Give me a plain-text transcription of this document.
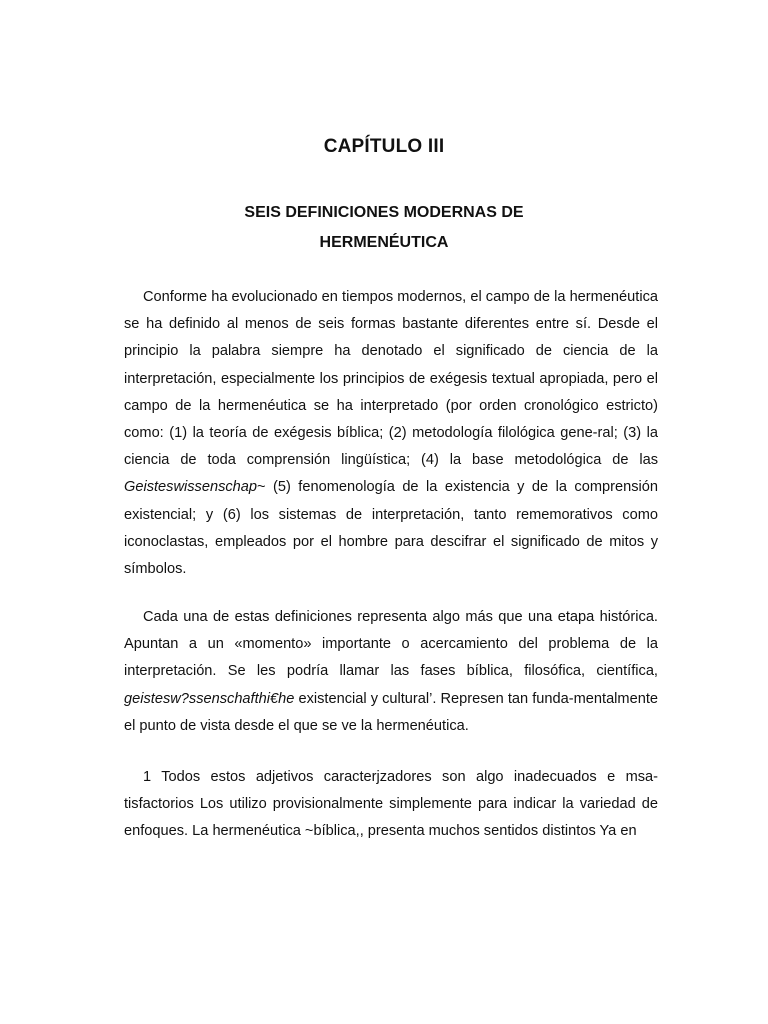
CAPÍTULO III
SEIS DEFINICIONES MODERNAS DE
HERMENÉUTICA

Conforme ha evolucionado en tiempos modernos, el campo de la hermenéutica se ha definido al menos de seis formas bastante diferentes entre sí. Desde el principio la palabra siempre ha denotado el significado de ciencia de la interpretación, especialmente los principios de exégesis textual apropiada, pero el campo de la hermenéutica se ha interpretado (por orden cronológico estricto) como: (1) la teoría de exégesis bíblica; (2) metodología filológica gene-ral; (3) la ciencia de toda comprensión lingüística; (4) la base metodológica de las Geisteswissenschap~ (5) fenomenología de la existencia y de la comprensión existencial; y (6) los sistemas de interpretación, tanto rememorativos como iconoclastas, empleados por el hombre para descifrar el significado de mitos y símbolos.

Cada una de estas definiciones representa algo más que una etapa histórica. Apuntan a un «momento» importante o acercamiento del problema de la interpretación. Se les podría llamar las fases bíblica, filosófica, científica, geistesw?ssenschafthi€he existencial y cultural’. Represen tan funda-mentalmente el punto de vista desde el que se ve la hermenéutica.

1 Todos estos adjetivos caracterjzadores son algo inadecuados e msa-tisfactorios Los utilizo provisionalmente simplemente para indicar la variedad de enfoques. La hermenéutica ~bíblica,, presenta muchos sentidos distintos Ya en
